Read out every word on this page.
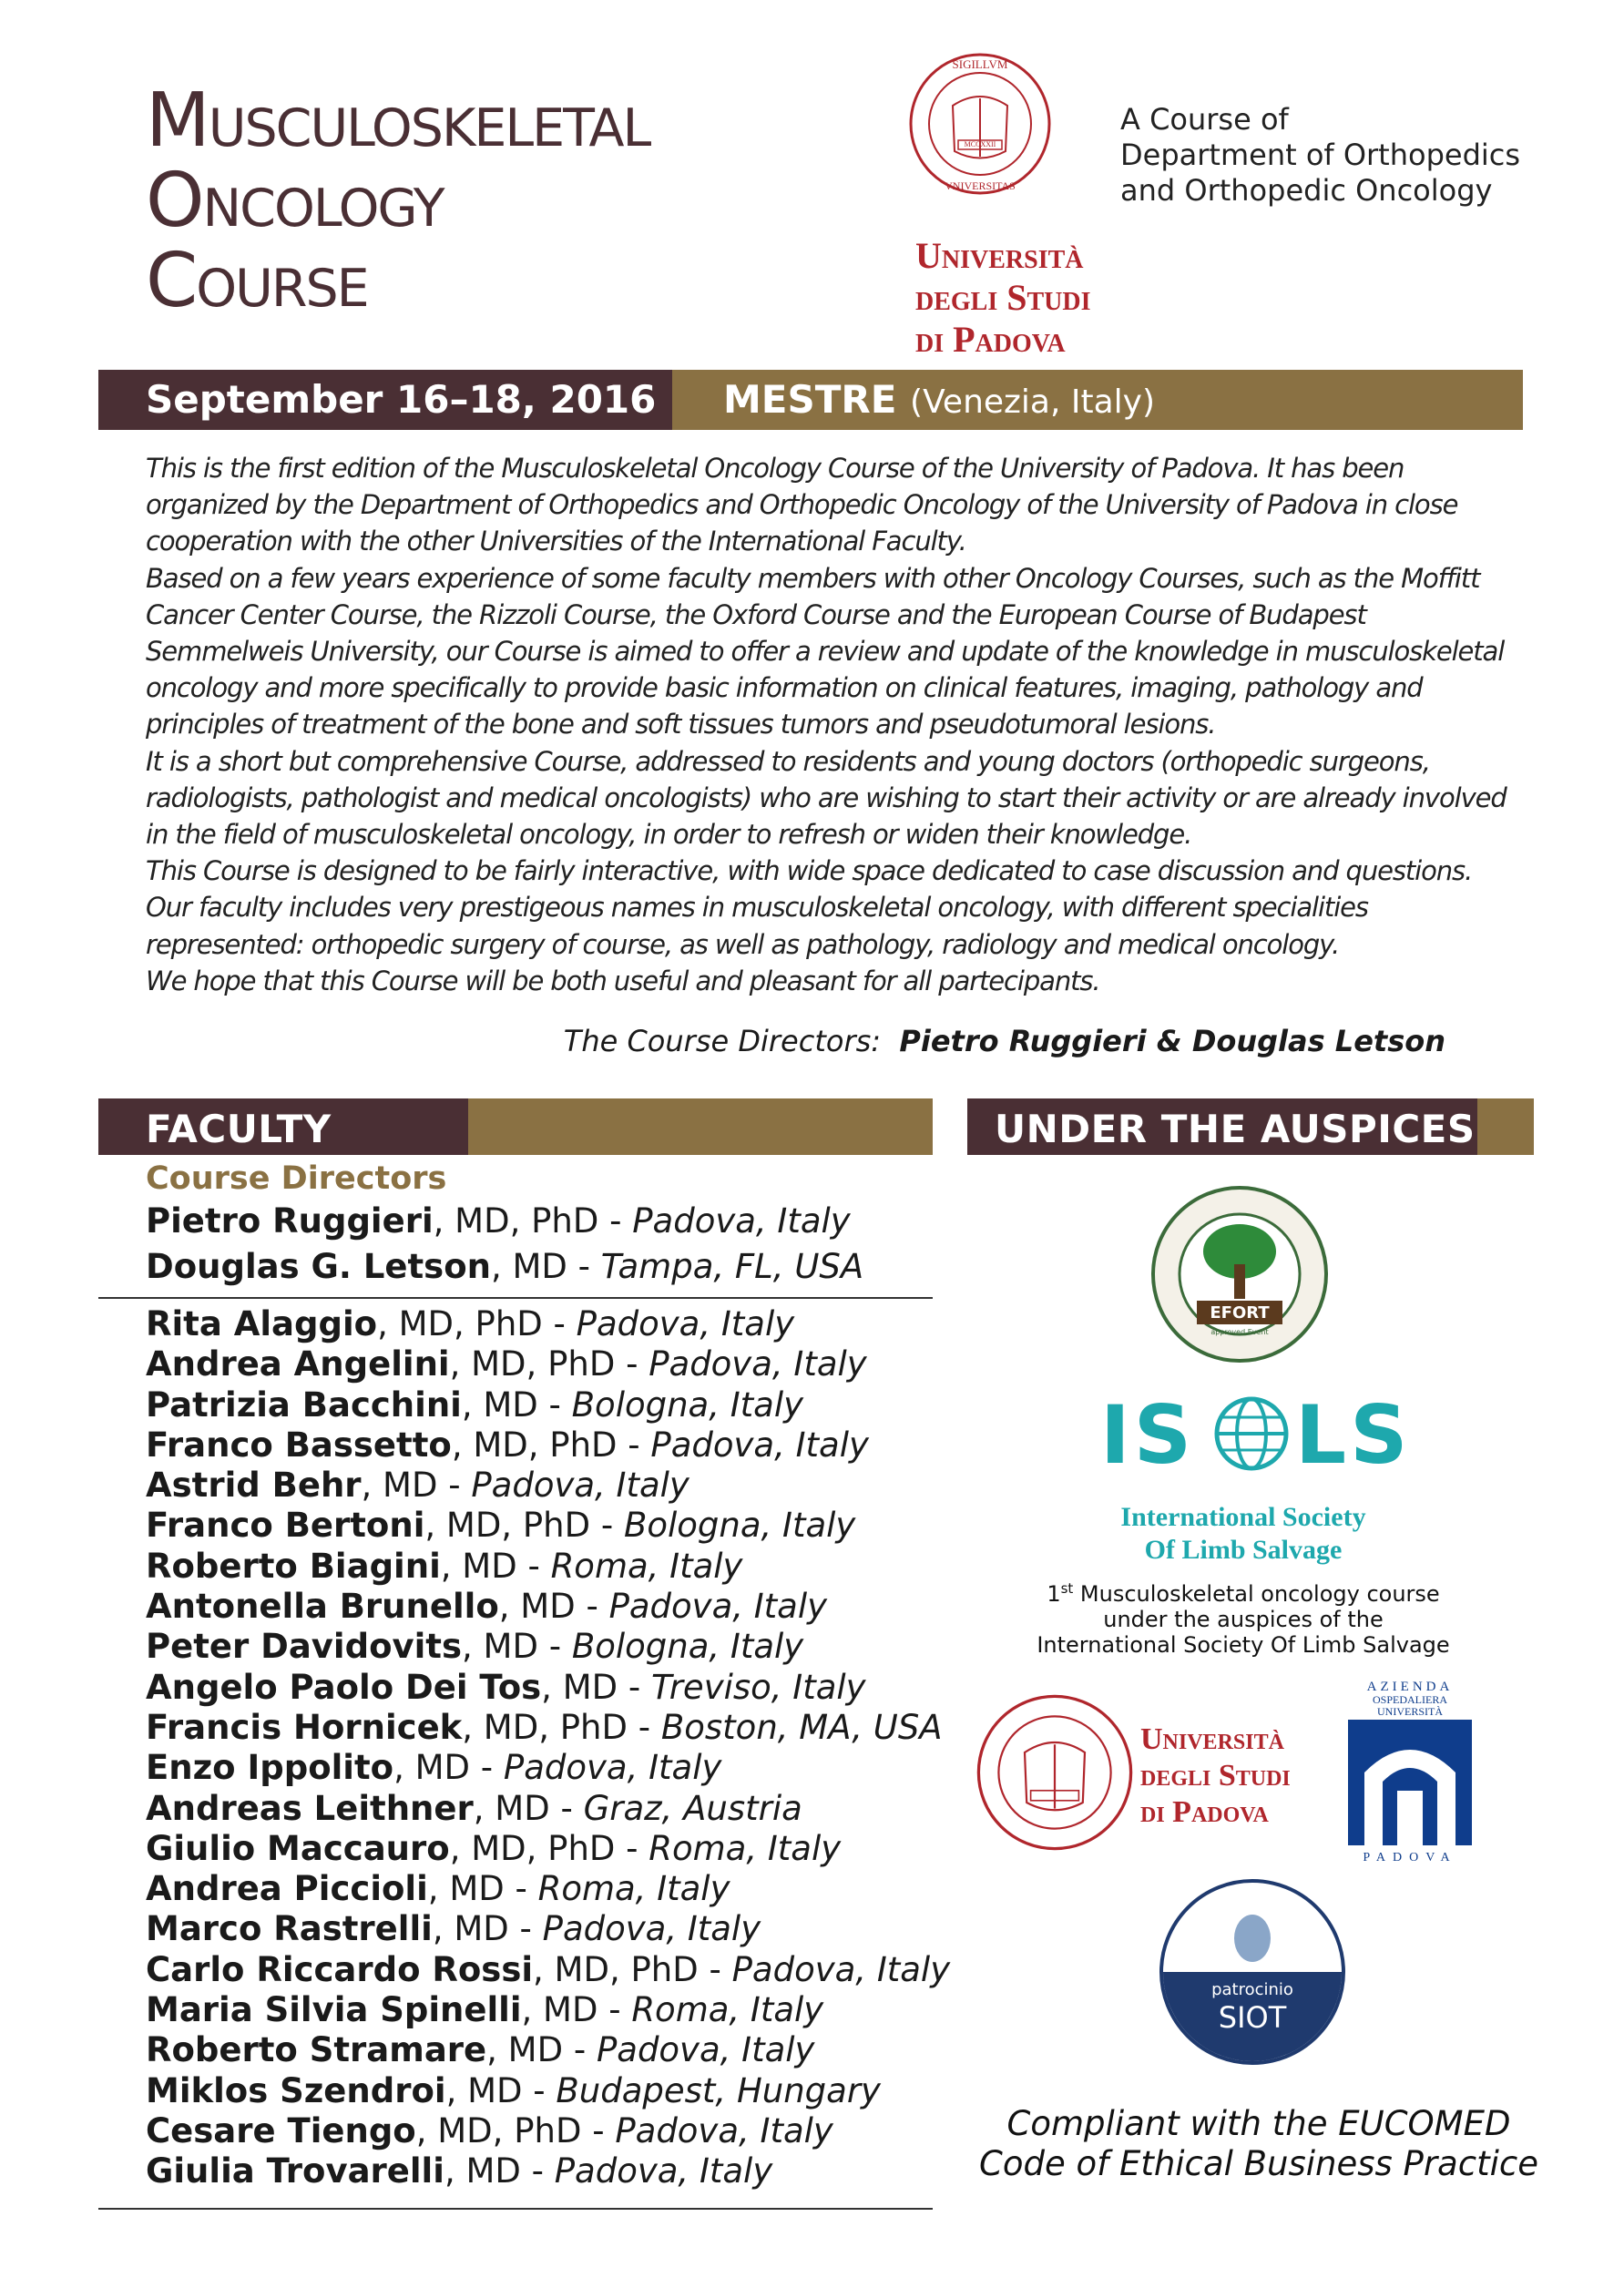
Musculoskeletal
Oncology
Course
SIGILLVM
VNIVERSITAS
MCCXXII
Università
degli Studi
di Padova
A Course of
Department of Orthopedics
and Orthopedic Oncology
September 16–18, 2016 MESTRE (Venezia, Italy)

This is the first edition of the Musculoskeletal Oncology Course of the University of Padova. It has been organized by the Department of Orthopedics and Orthopedic Oncology of the University of Padova in close cooperation with the other Universities of the International Faculty.

Based on a few years experience of some faculty members with other Oncology Courses, such as the Moffitt Cancer Center Course, the Rizzoli Course, the Oxford Course and the European Course of Budapest Semmelweis University, our Course is aimed to offer a review and update of the knowledge in musculoskeletal oncology and more specifically to provide basic information on clinical features, imaging, pathology and principles of treatment of the bone and soft tissues tumors and pseudotumoral lesions.

It is a short but comprehensive Course, addressed to residents and young doctors (orthopedic surgeons, radiologists, pathologist and medical oncologists) who are wishing to start their activity or are already involved in the field of musculoskeletal oncology, in order to refresh or widen their knowledge.

This Course is designed to be fairly interactive, with wide space dedicated to case discussion and questions.

Our faculty includes very prestigeous names in musculoskeletal oncology, with different specialities represented: orthopedic surgery of course, as well as pathology, radiology and medical oncology.

We hope that this Course will be both useful and pleasant for all partecipants.

The Course Directors: Pietro Ruggieri & Douglas Letson
FACULTY
Course Directors
Pietro Ruggieri, MD, PhD - Padova, Italy
Douglas G. Letson, MD - Tampa, FL, USA
Rita Alaggio, MD, PhD - Padova, Italy
Andrea Angelini, MD, PhD - Padova, Italy
Patrizia Bacchini, MD - Bologna, Italy
Franco Bassetto, MD, PhD - Padova, Italy
Astrid Behr, MD - Padova, Italy
Franco Bertoni, MD, PhD - Bologna, Italy
Roberto Biagini, MD - Roma, Italy
Antonella Brunello, MD - Padova, Italy
Peter Davidovits, MD - Bologna, Italy
Angelo Paolo Dei Tos, MD - Treviso, Italy
Francis Hornicek, MD, PhD - Boston, MA, USA
Enzo Ippolito, MD - Padova, Italy
Andreas Leithner, MD - Graz, Austria
Giulio Maccauro, MD, PhD - Roma, Italy
Andrea Piccioli, MD - Roma, Italy
Marco Rastrelli, MD - Padova, Italy
Carlo Riccardo Rossi, MD, PhD - Padova, Italy
Maria Silvia Spinelli, MD - Roma, Italy
Roberto Stramare, MD - Padova, Italy
Miklos Szendroi, MD - Budapest, Hungary
Cesare Tiengo, MD, PhD - Padova, Italy
Giulia Trovarelli, MD - Padova, Italy
UNDER THE AUSPICES
EFORT
approved Event
IS LS
International Society
Of Limb Salvage
1st Musculoskeletal oncology course
under the auspices of the
International Society Of Limb Salvage
Università
degli Studi
di Padova
AZIENDA
OSPEDALIERA
UNIVERSITÀ
PADOVA
patrocinio
SIOT
Compliant with the EUCOMED
Code of Ethical Business Practice
